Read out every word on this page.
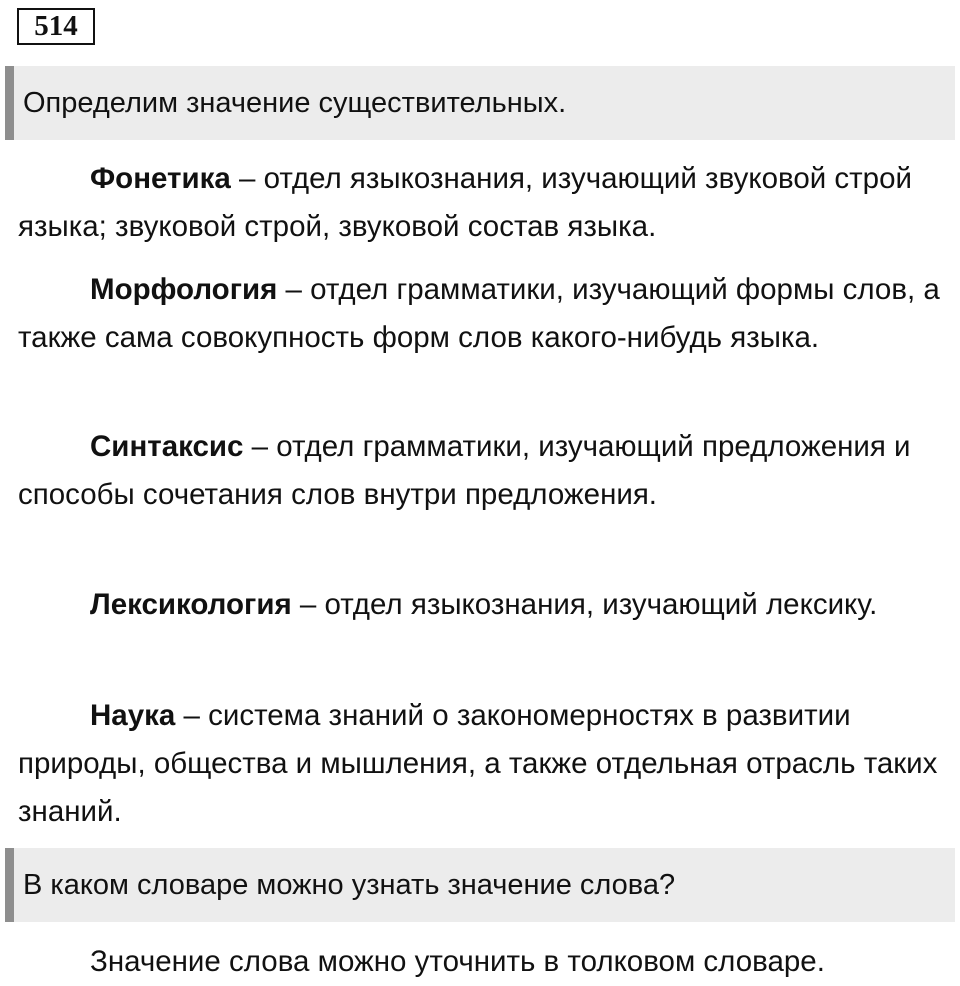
514
Определим значение существительных.

Фонетика – отдел языкознания, изучающий звуковой строй языка; звуковой строй, звуковой состав языка.

Морфология – отдел грамматики, изучающий формы слов, а также сама совокупность форм слов какого-нибудь языка.

Синтаксис – отдел грамматики, изучающий предложения и способы сочетания слов внутри предложения.

Лексикология – отдел языкознания, изучающий лексику.

Наука – система знаний о закономерностях в развитии природы, общества и мышления, а также отдельная отрасль таких знаний.

В каком словаре можно узнать значение слова?

Значение слова можно уточнить в толковом словаре.
